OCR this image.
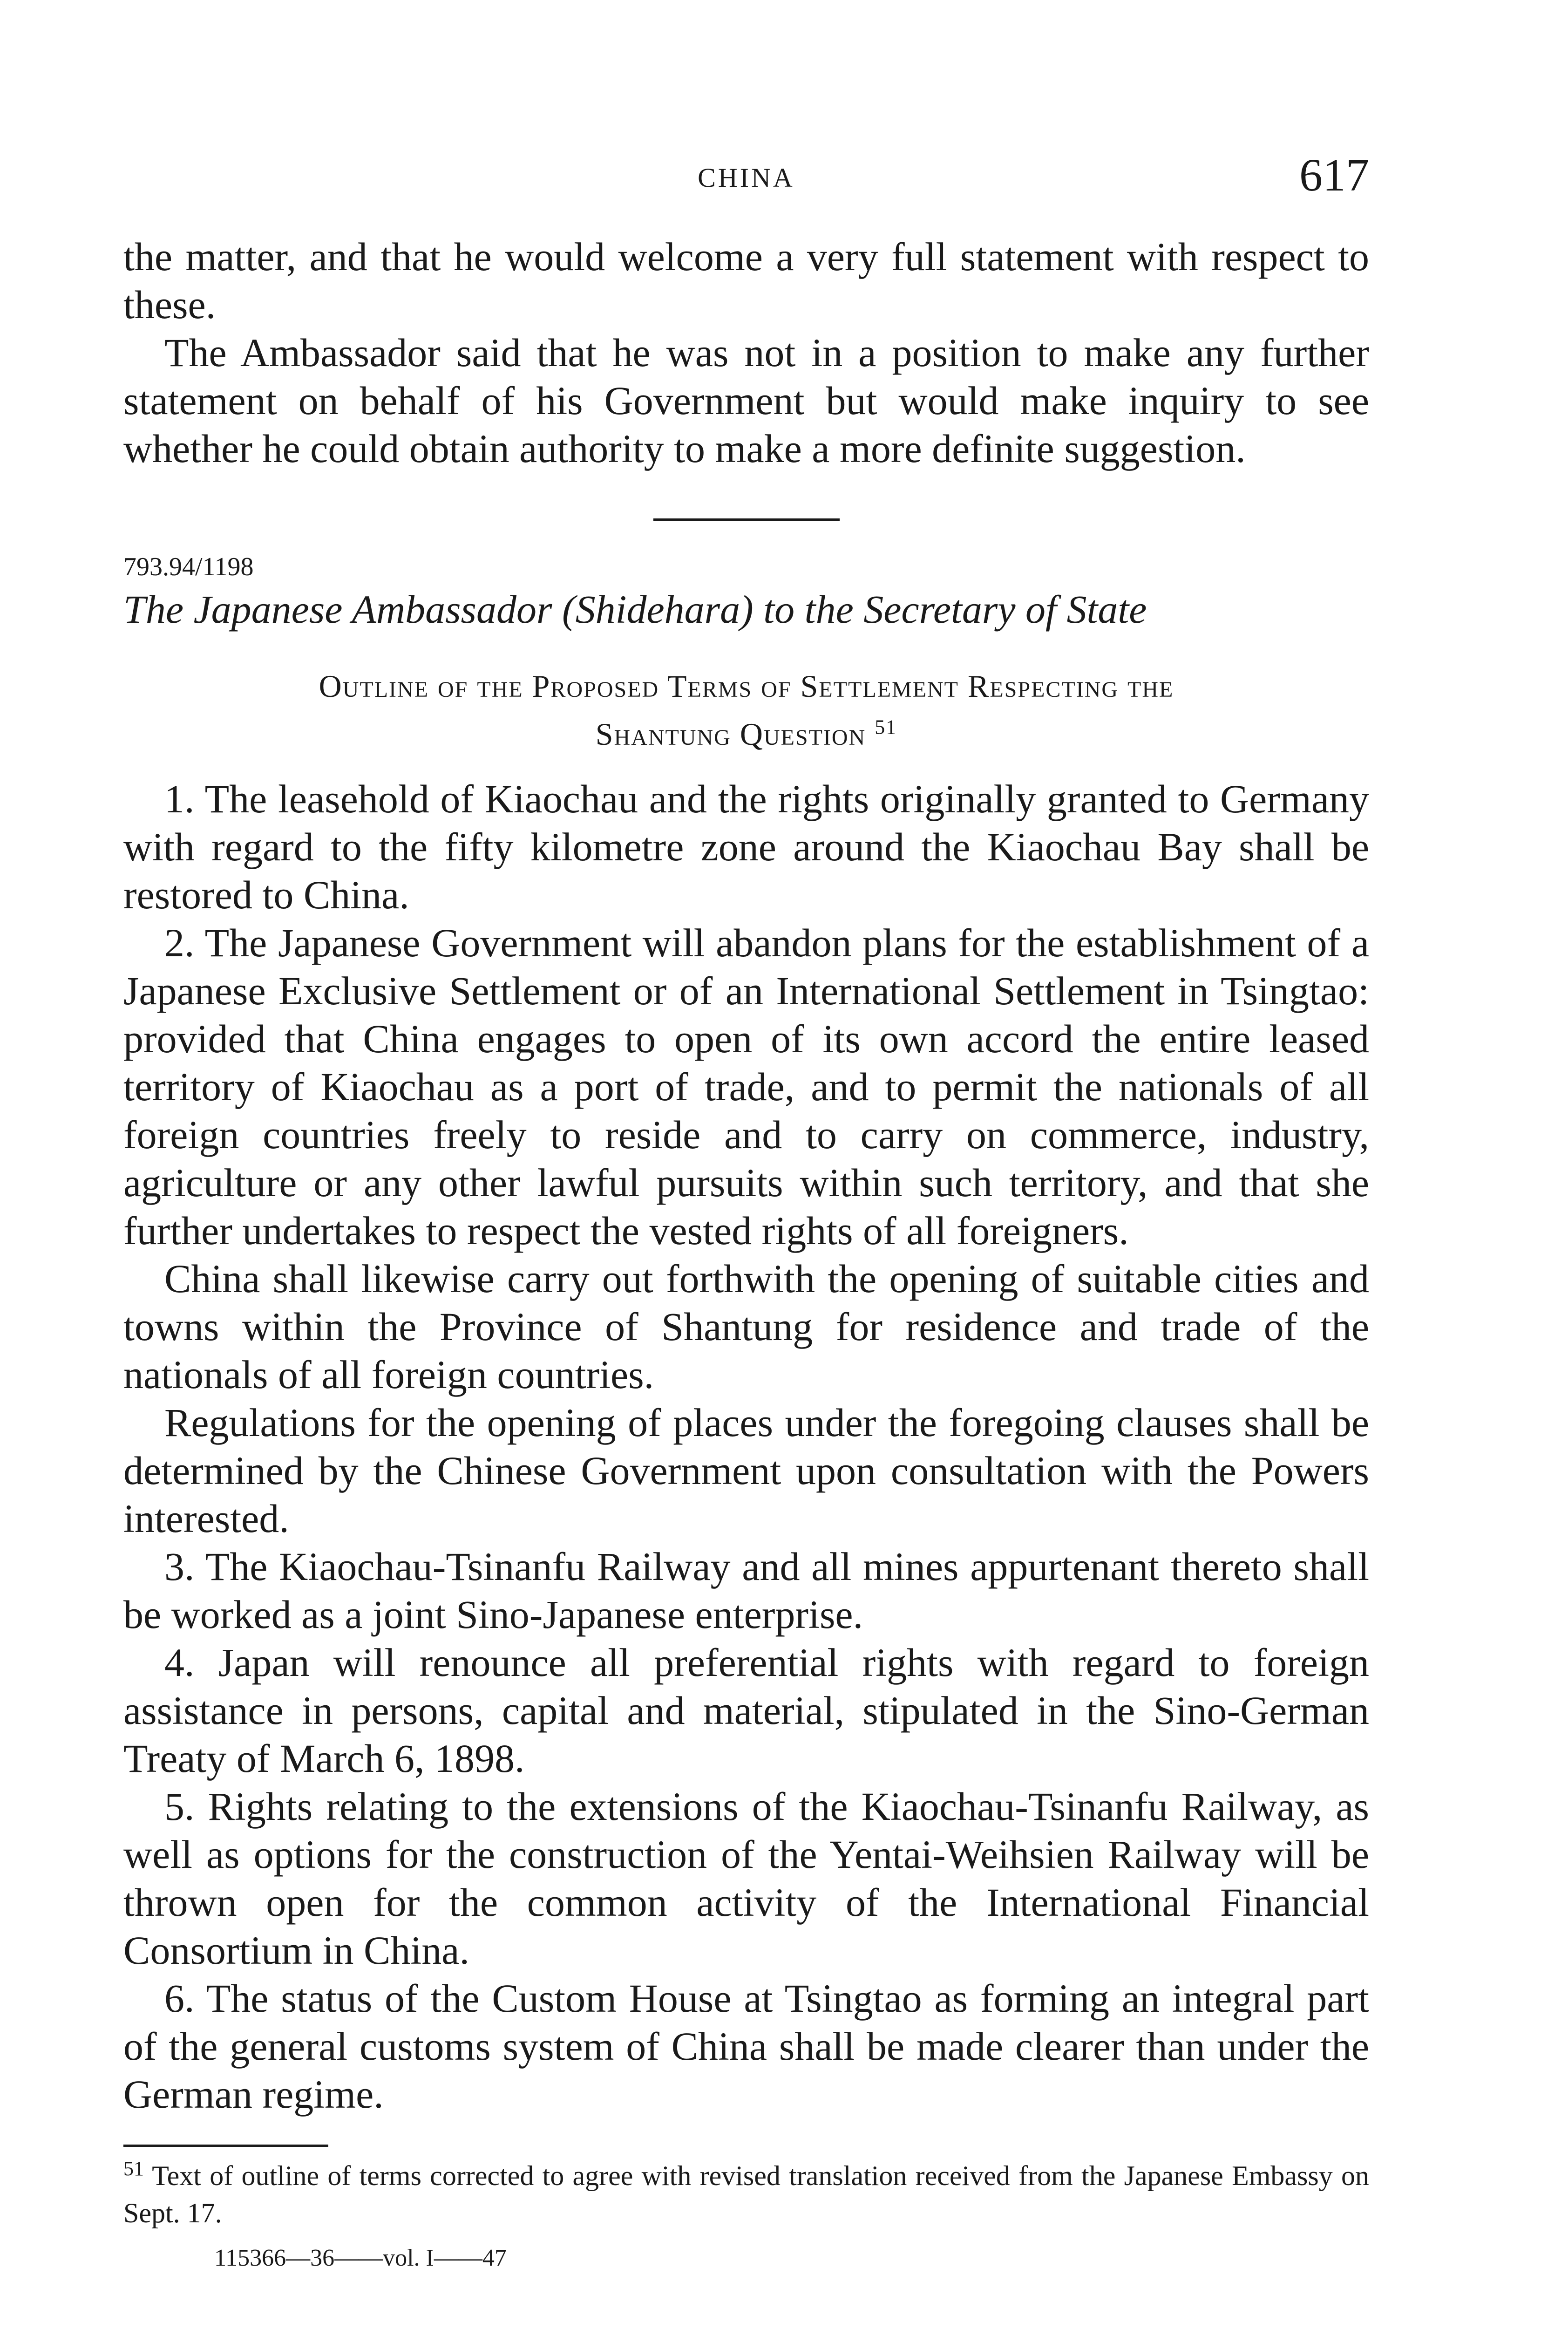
CHINA	617

the matter, and that he would welcome a very full statement with respect to these.

The Ambassador said that he was not in a position to make any further statement on behalf of his Government but would make inquiry to see whether he could obtain authority to make a more definite suggestion.

793.94/1198

The Japanese Ambassador (Shidehara) to the Secretary of State

Outline of the Proposed Terms of Settlement Respecting the
Shantung Question $^{51}$

1. The leasehold of Kiaochau and the rights originally granted to Germany with regard to the fifty kilometre zone around the Kiaochau Bay shall be restored to China.

2. The Japanese Government will abandon plans for the establishment of a Japanese Exclusive Settlement or of an International Settlement in Tsingtao: provided that China engages to open of its own accord the entire leased territory of Kiaochau as a port of trade, and to permit the nationals of all foreign countries freely to reside and to carry on commerce, industry, agriculture or any other lawful pursuits within such territory, and that she further undertakes to respect the vested rights of all foreigners.

China shall likewise carry out forthwith the opening of suitable cities and towns within the Province of Shantung for residence and trade of the nationals of all foreign countries.

Regulations for the opening of places under the foregoing clauses shall be determined by the Chinese Government upon consultation with the Powers interested.

3. The Kiaochau-Tsinanfu Railway and all mines appurtenant thereto shall be worked as a joint Sino-Japanese enterprise.

4. Japan will renounce all preferential rights with regard to foreign assistance in persons, capital and material, stipulated in the Sino-German Treaty of March 6, 1898.

5. Rights relating to the extensions of the Kiaochau-Tsinanfu Railway, as well as options for the construction of the Yentai-Weihsien Railway will be thrown open for the common activity of the International Financial Consortium in China.

6. The status of the Custom House at Tsingtao as forming an integral part of the general customs system of China shall be made clearer than under the German regime.

$^{51}$ Text of outline of terms corrected to agree with revised translation received from the Japanese Embassy on Sept. 17.
115366—36——vol. I——47
